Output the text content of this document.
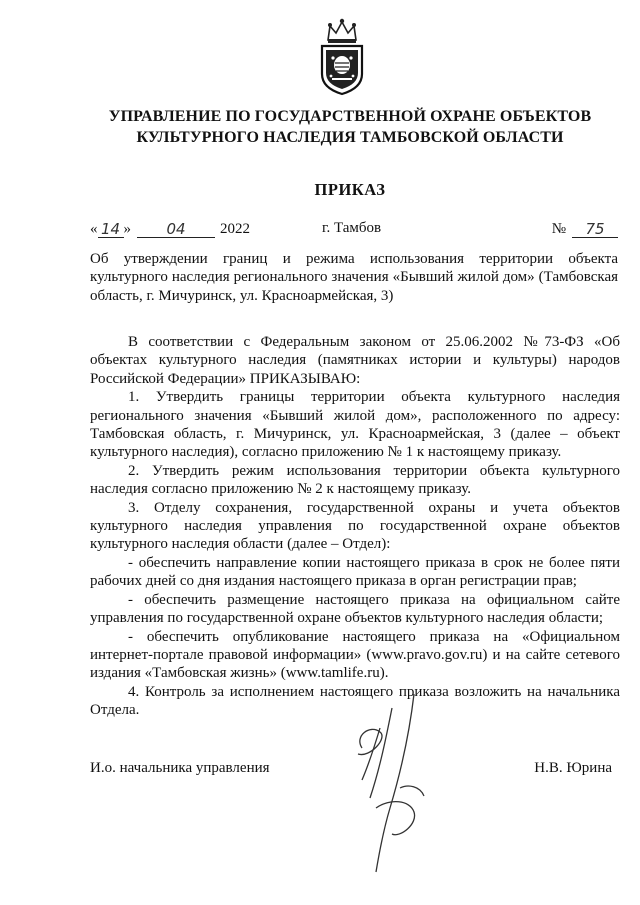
УПРАВЛЕНИЕ ПО ГОСУДАРСТВЕННОЙ ОХРАНЕ ОБЪЕКТОВ
КУЛЬТУРНОГО НАСЛЕДИЯ ТАМБОВСКОЙ ОБЛАСТИ
ПРИКАЗ
« 14 » 04 2022	г. Тамбов	№ 75
Об утверждении границ и режима использования территории объекта культурного наследия регионального значения «Бывший жилой дом» (Тамбовская область, г. Мичуринск, ул. Красноармейская, 3)

В соответствии с Федеральным законом от 25.06.2002 №73-ФЗ «Об объектах культурного наследия (памятниках истории и культуры) народов Российской Федерации» ПРИКАЗЫВАЮ:

1. Утвердить границы территории объекта культурного наследия регионального значения «Бывший жилой дом», расположенного по адресу: Тамбовская область, г. Мичуринск, ул. Красноармейская, 3 (далее – объект культурного наследия), согласно приложению № 1 к настоящему приказу.

2. Утвердить режим использования территории объекта культурного наследия согласно приложению № 2 к настоящему приказу.

3. Отделу сохранения, государственной охраны и учета объектов культурного наследия управления по государственной охране объектов культурного наследия области (далее – Отдел):

- обеспечить направление копии настоящего приказа в срок не более пяти рабочих дней со дня издания настоящего приказа в орган регистрации прав;

- обеспечить размещение настоящего приказа на официальном сайте управления по государственной охране объектов культурного наследия области;

- обеспечить опубликование настоящего приказа на «Официальном интернет-портале правовой информации» (www.pravo.gov.ru) и на сайте сетевого издания «Тамбовская жизнь» (www.tamlife.ru).

4. Контроль за исполнением настоящего приказа возложить на начальника Отдела.

И.о. начальника управления	Н.В. Юрина
